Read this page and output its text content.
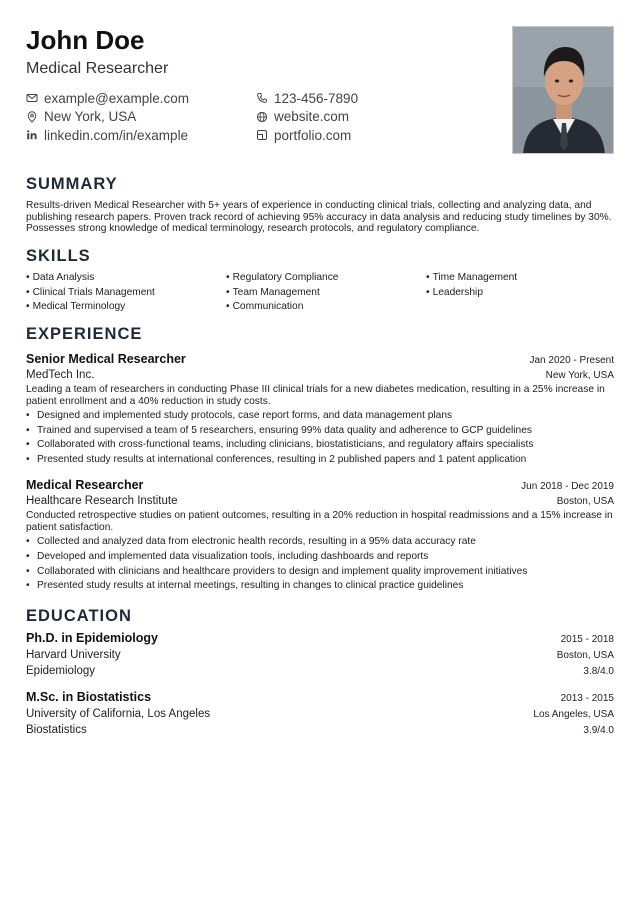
John Doe
Medical Researcher
example@example.com	123-456-7890
New York, USA	website.com
linkedin.com/in/example	portfolio.com
SUMMARY

Results-driven Medical Researcher with 5+ years of experience in conducting clinical trials, collecting and analyzing data, and publishing research papers. Proven track record of achieving 95% accuracy in data analysis and reducing study timelines by 30%. Possesses strong knowledge of medical terminology, research protocols, and regulatory compliance.

SKILLS
• Data Analysis
• Clinical Trials Management
• Medical Terminology
• Regulatory Compliance
• Team Management
• Communication
• Time Management
• Leadership
EXPERIENCE
Senior Medical Researcher	Jan 2020 - Present
MedTech Inc.	New York, USA

Leading a team of researchers in conducting Phase III clinical trials for a new diabetes medication, resulting in a 25% increase in patient enrollment and a 40% reduction in study costs.

• Designed and implemented study protocols, case report forms, and data management plans
• Trained and supervised a team of 5 researchers, ensuring 99% data quality and adherence to GCP guidelines
• Collaborated with cross-functional teams, including clinicians, biostatisticians, and regulatory affairs specialists
• Presented study results at international conferences, resulting in 2 published papers and 1 patent application
Medical Researcher	Jun 2018 - Dec 2019
Healthcare Research Institute	Boston, USA

Conducted retrospective studies on patient outcomes, resulting in a 20% reduction in hospital readmissions and a 15% increase in patient satisfaction.

• Collected and analyzed data from electronic health records, resulting in a 95% data accuracy rate
• Developed and implemented data visualization tools, including dashboards and reports
• Collaborated with clinicians and healthcare providers to design and implement quality improvement initiatives
• Presented study results at internal meetings, resulting in changes to clinical practice guidelines
EDUCATION
Ph.D. in Epidemiology	2015 - 2018
Harvard University	Boston, USA
Epidemiology	3.8/4.0
M.Sc. in Biostatistics	2013 - 2015
University of California, Los Angeles	Los Angeles, USA
Biostatistics	3.9/4.0
